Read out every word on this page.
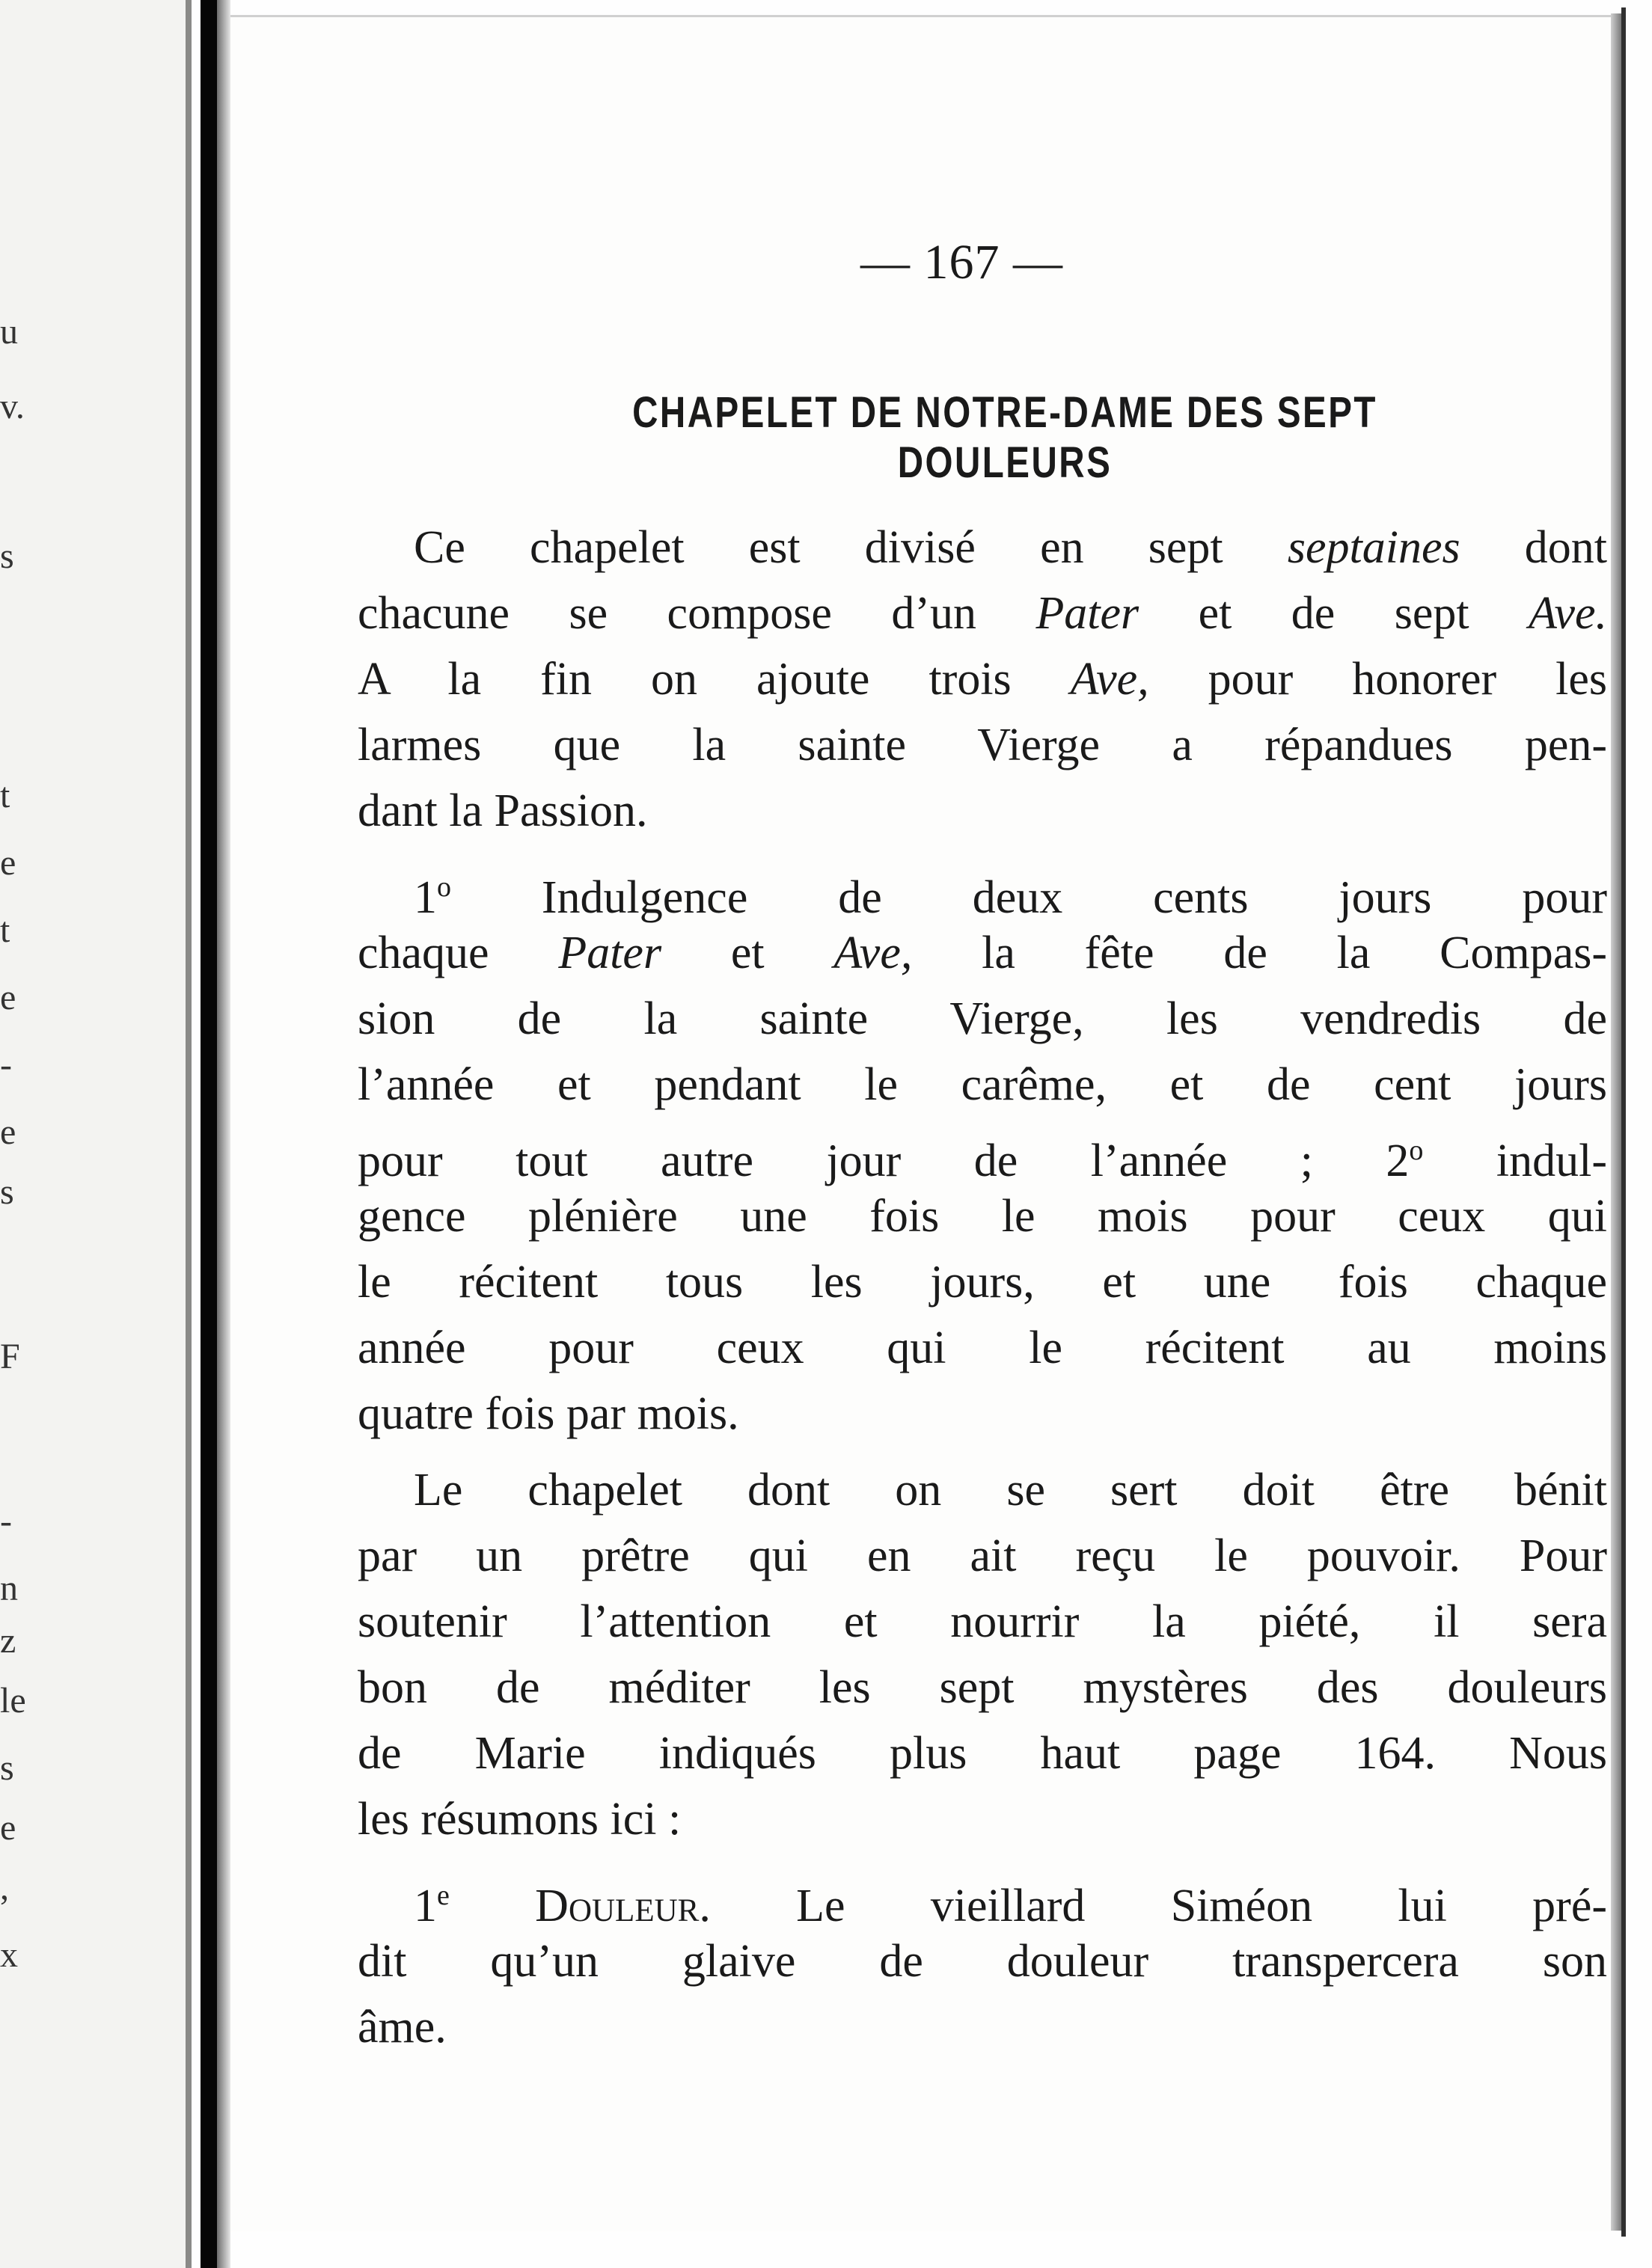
u
v.
s
t
e
t
e
-
e
s
F
-
n
z
le
s
e
,
x
— 167 —
CHAPELET DE NOTRE-DAME DES SEPT DOULEURS
Ce chapelet est divisé en sept septaines dont
chacune se compose d’un Pater et de sept Ave.
A la fin on ajoute trois Ave, pour honorer les
larmes que la sainte Vierge a répandues pen-
dant la Passion.
1$^o$ Indulgence de deux cents jours pour
chaque Pater et Ave, la fête de la Compas-
sion de la sainte Vierge, les vendredis de
l’année et pendant le carême, et de cent jours
pour tout autre jour de l’année ; 2$^o$ indul-
gence plénière une fois le mois pour ceux qui
le récitent tous les jours, et une fois chaque
année pour ceux qui le récitent au moins
quatre fois par mois.
Le chapelet dont on se sert doit être bénit
par un prêtre qui en ait reçu le pouvoir. Pour
soutenir l’attention et nourrir la piété, il sera
bon de méditer les sept mystères des douleurs
de Marie indiqués plus haut page 164. Nous
les résumons ici :
1e Douleur. Le vieillard Siméon lui pré-
dit qu’un glaive de douleur transpercera son
âme.
